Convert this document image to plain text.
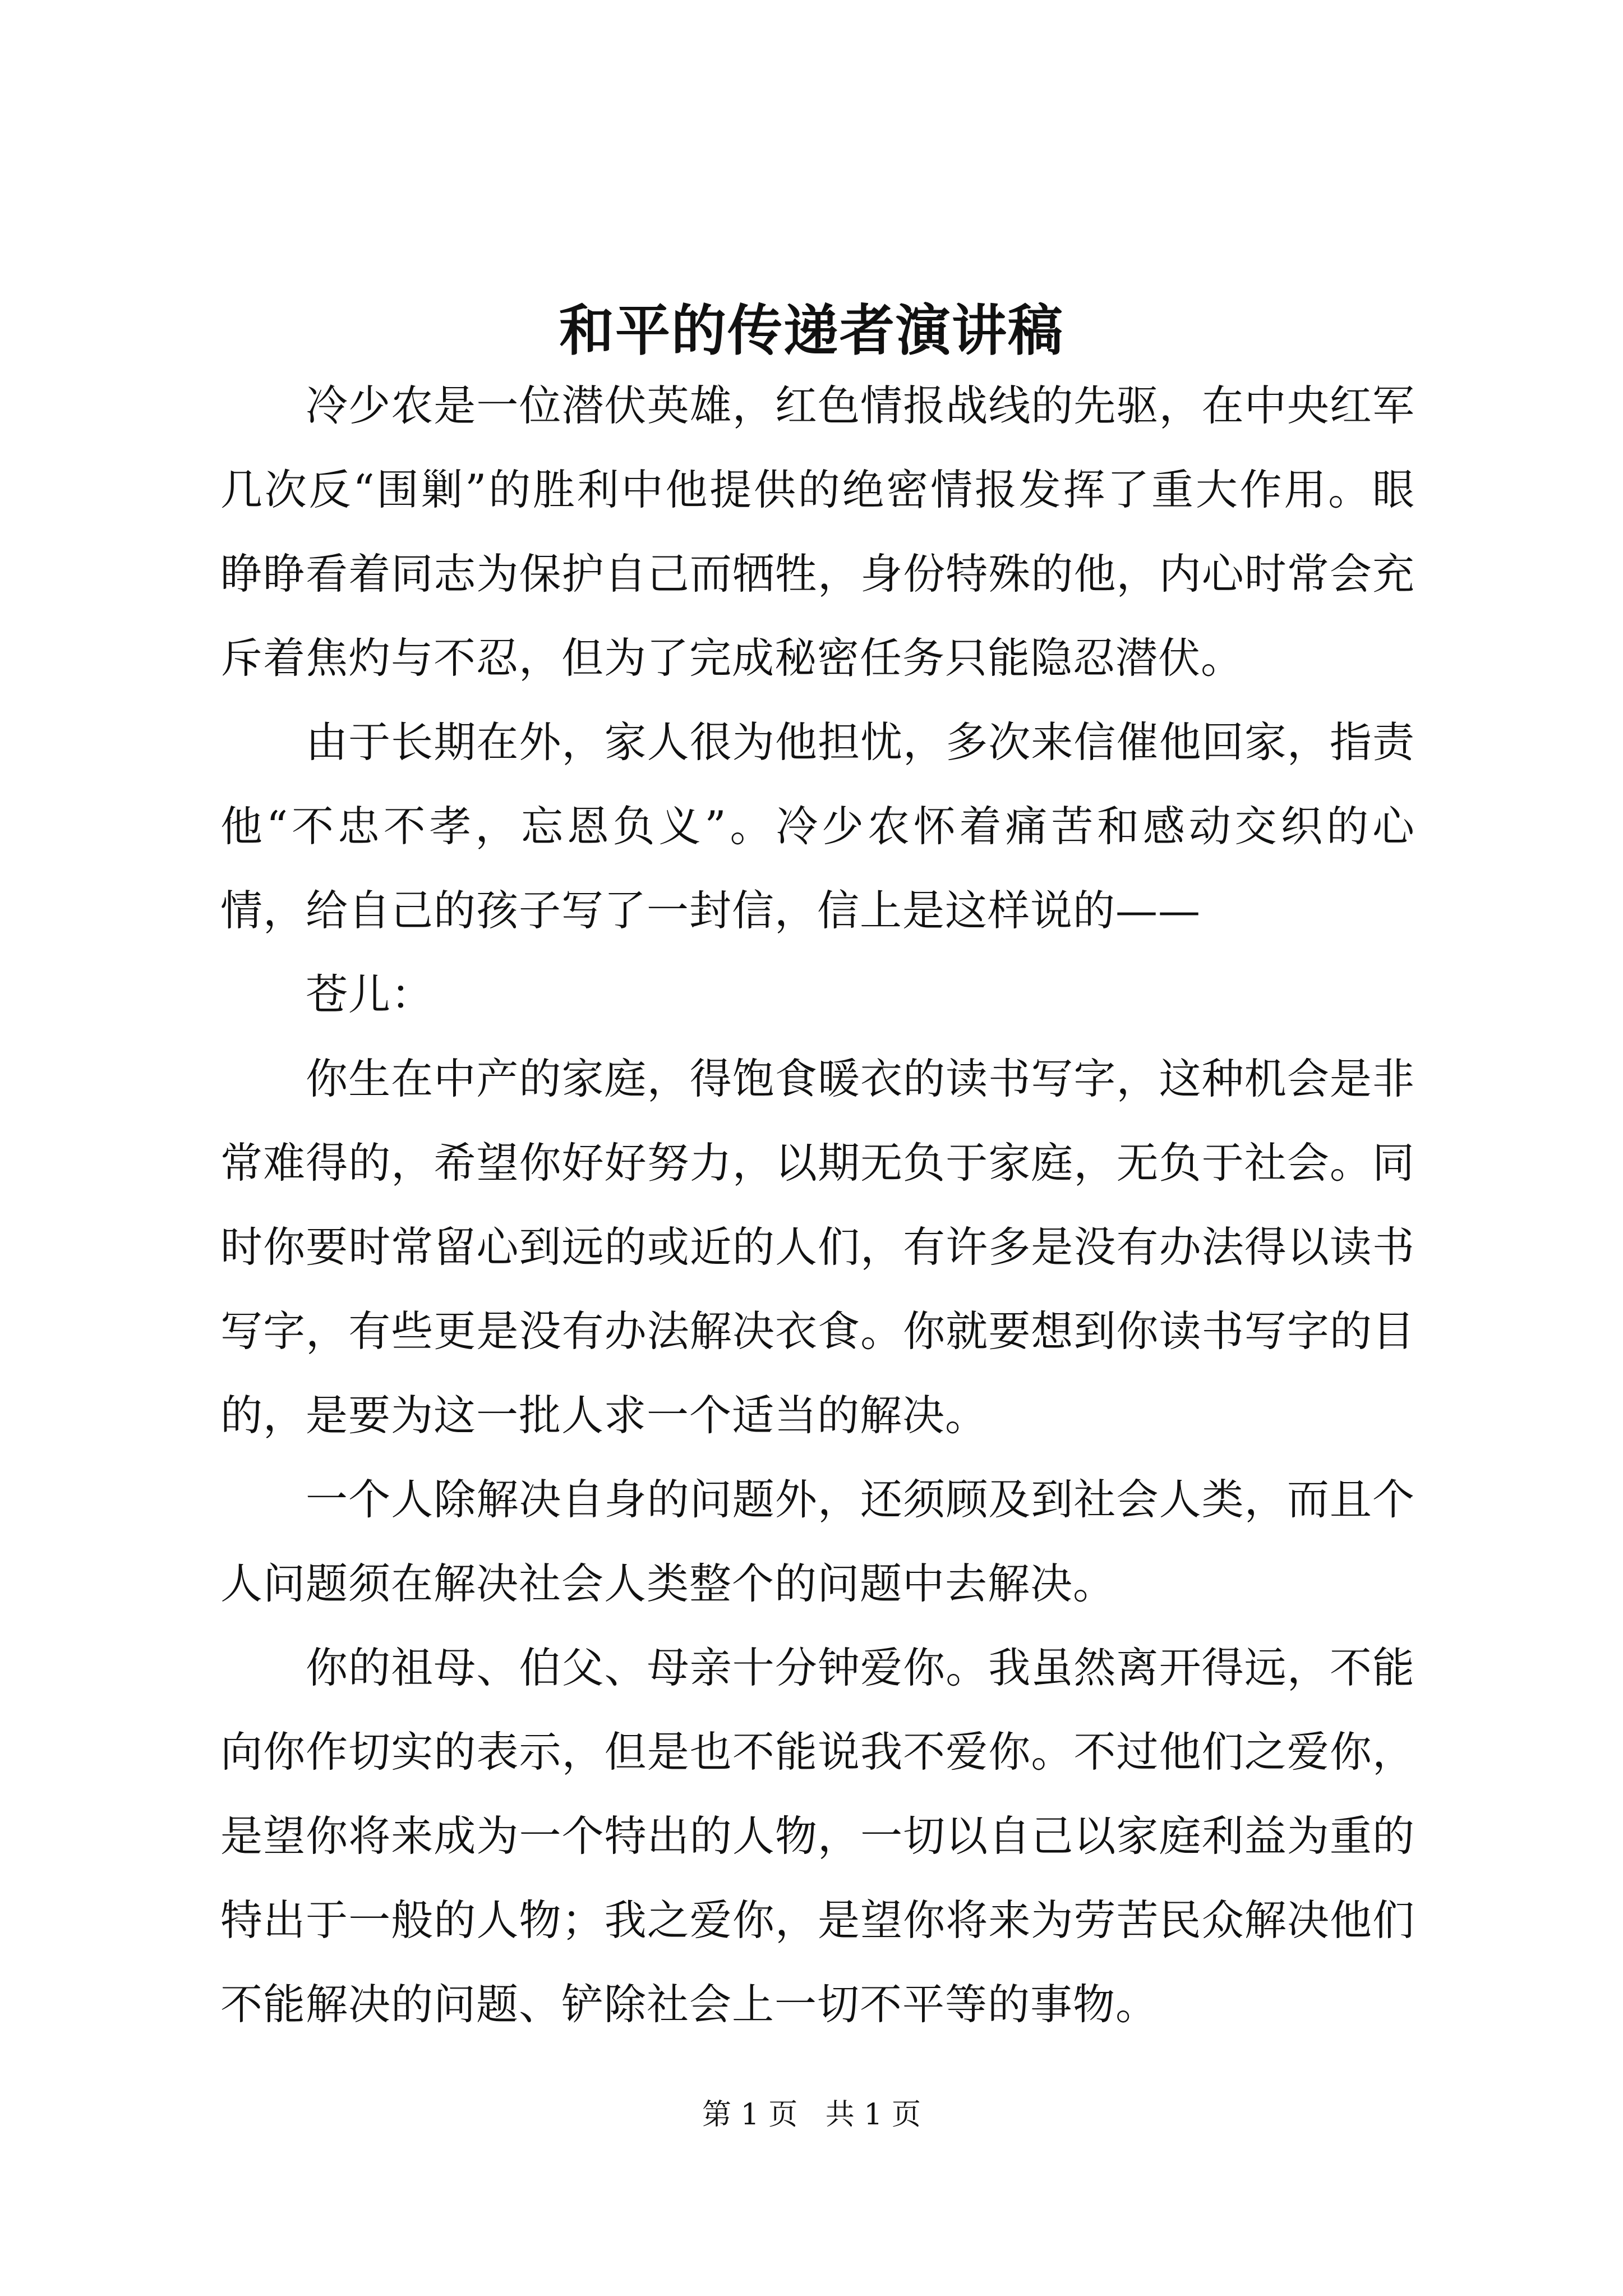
和平的传递者演讲稿

冷少农是一位潜伏英雄，红色情报战线的先驱，在中央红军几次反“围剿”的胜利中他提供的绝密情报发挥了重大作用。眼睁睁看着同志为保护自己而牺牲，身份特殊的他，内心时常会充斥着焦灼与不忍，但为了完成秘密任务只能隐忍潜伏。

由于长期在外，家人很为他担忧，多次来信催他回家，指责他“不忠不孝，忘恩负义”。冷少农怀着痛苦和感动交织的心情，给自己的孩子写了一封信，信上是这样说的——

苍儿：

你生在中产的家庭，得饱食暖衣的读书写字，这种机会是非常难得的，希望你好好努力，以期无负于家庭，无负于社会。同时你要时常留心到远的或近的人们，有许多是没有办法得以读书写字，有些更是没有办法解决衣食。你就要想到你读书写字的目的，是要为这一批人求一个适当的解决。

一个人除解决自身的问题外，还须顾及到社会人类，而且个人问题须在解决社会人类整个的问题中去解决。

你的祖母、伯父、母亲十分钟爱你。我虽然离开得远，不能向你作切实的表示，但是也不能说我不爱你。不过他们之爱你，是望你将来成为一个特出的人物，一切以自己以家庭利益为重的特出于一般的人物；我之爱你，是望你将来为劳苦民众解决他们不能解决的问题、铲除社会上一切不平等的事物。

第 1 页 共 1 页
